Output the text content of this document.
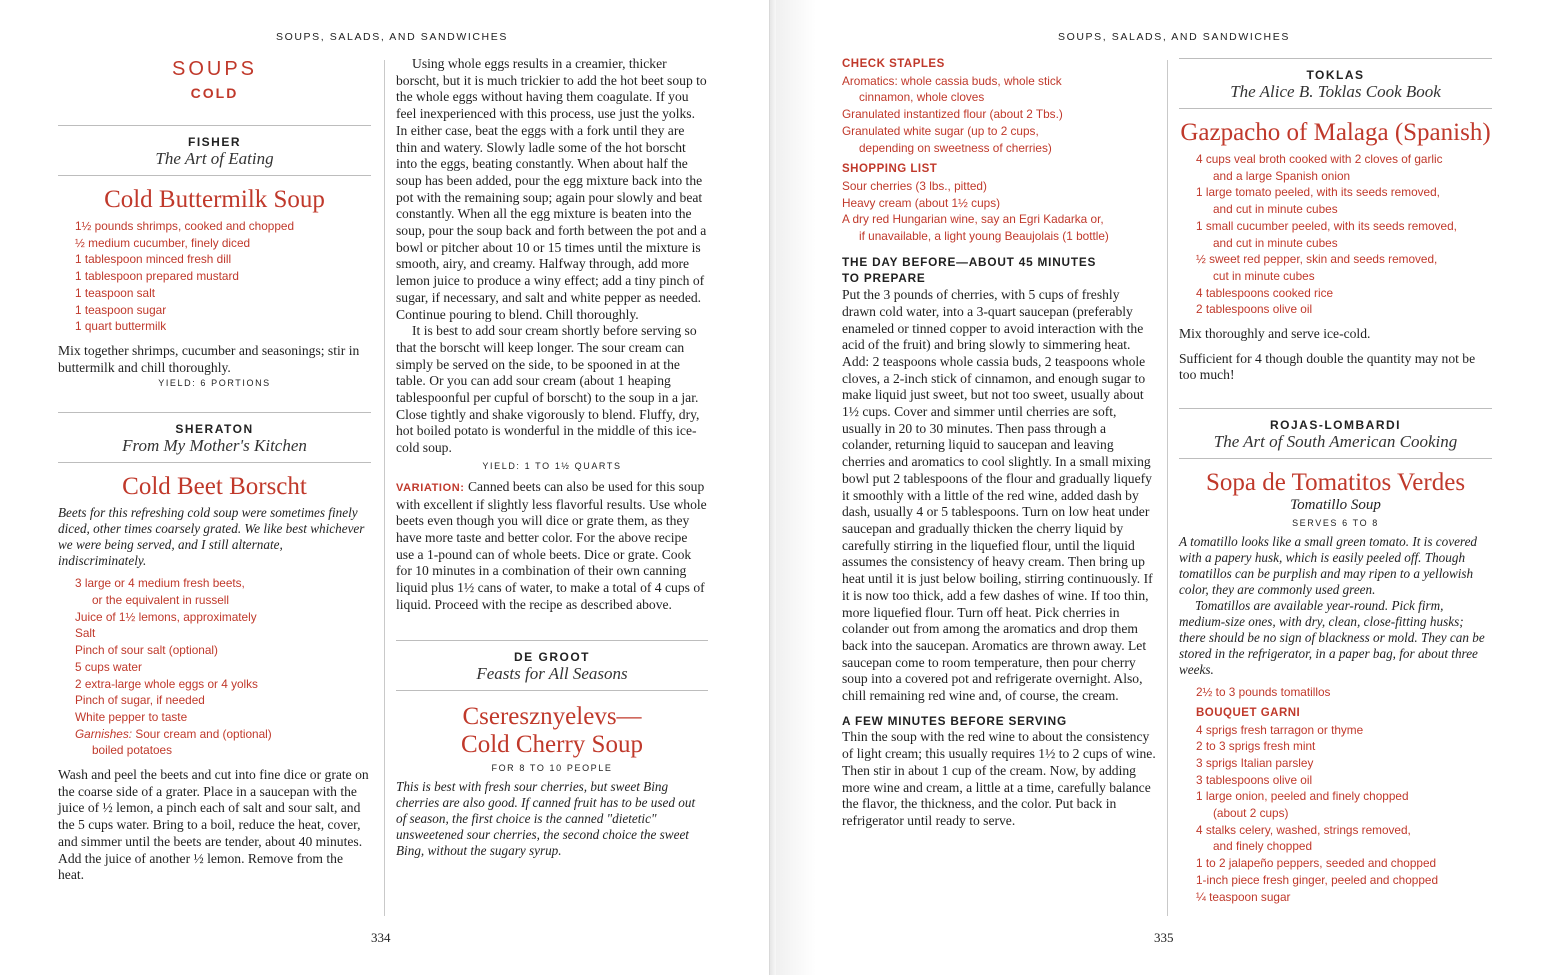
SOUPS, SALADS, AND SANDWICHES
SOUPS
COLD
FISHER
The Art of Eating
Cold Buttermilk Soup
1½ pounds shrimps, cooked and chopped
½ medium cucumber, finely diced
1 tablespoon minced fresh dill
1 tablespoon prepared mustard
1 teaspoon salt
1 teaspoon sugar
1 quart buttermilk
Mix together shrimps, cucumber and seasonings; stir in buttermilk and chill thoroughly.
YIELD: 6 PORTIONS
SHERATON
From My Mother's Kitchen
Cold Beet Borscht
Beets for this refreshing cold soup were sometimes finely diced, other times coarsely grated. We like best whichever we were being served, and I still alternate, indiscriminately.
3 large or 4 medium fresh beets,
or the equivalent in russell
Juice of 1½ lemons, approximately
Salt
Pinch of sour salt (optional)
5 cups water
2 extra-large whole eggs or 4 yolks
Pinch of sugar, if needed
White pepper to taste
Garnishes: Sour cream and (optional)
boiled potatoes
Wash and peel the beets and cut into fine dice or grate on the coarse side of a grater. Place in a saucepan with the juice of ½ lemon, a pinch each of salt and sour salt, and the 5 cups water. Bring to a boil, reduce the heat, cover, and simmer until the beets are tender, about 40 minutes. Add the juice of another ½ lemon. Remove from the heat.
Using whole eggs results in a creamier, thicker borscht, but it is much trickier to add the hot beet soup to the whole eggs without having them coagulate. If you feel inexperienced with this process, use just the yolks. In either case, beat the eggs with a fork until they are thin and watery. Slowly ladle some of the hot borscht into the eggs, beating constantly. When about half the soup has been added, pour the egg mixture back into the pot with the remaining soup; again pour slowly and beat constantly. When all the egg mixture is beaten into the soup, pour the soup back and forth between the pot and a bowl or pitcher about 10 or 15 times until the mixture is smooth, airy, and creamy. Halfway through, add more lemon juice to produce a winy effect; add a tiny pinch of sugar, if necessary, and salt and white pepper as needed. Continue pouring to blend. Chill thoroughly.
It is best to add sour cream shortly before serving so that the borscht will keep longer. The sour cream can simply be served on the side, to be spooned in at the table. Or you can add sour cream (about 1 heaping tablespoonful per cupful of borscht) to the soup in a jar. Close tightly and shake vigorously to blend. Fluffy, dry, hot boiled potato is wonderful in the middle of this ice-cold soup.
YIELD: 1 TO 1½ QUARTS
VARIATION: Canned beets can also be used for this soup with excellent if slightly less flavorful results. Use whole beets even though you will dice or grate them, as they have more taste and better color. For the above recipe use a 1-pound can of whole beets. Dice or grate. Cook for 10 minutes in a combination of their own canning liquid plus 1½ cans of water, to make a total of 4 cups of liquid. Proceed with the recipe as described above.
DE GROOT
Feasts for All Seasons
Cseresznyelevs—
Cold Cherry Soup
FOR 8 TO 10 PEOPLE
This is best with fresh sour cherries, but sweet Bing cherries are also good. If canned fruit has to be used out of season, the first choice is the canned "dietetic" unsweetened sour cherries, the second choice the sweet Bing, without the sugary syrup.
334
SOUPS, SALADS, AND SANDWICHES
CHECK STAPLES
Aromatics: whole cassia buds, whole stick
cinnamon, whole cloves
Granulated instantized flour (about 2 Tbs.)
Granulated white sugar (up to 2 cups,
depending on sweetness of cherries)
SHOPPING LIST
Sour cherries (3 lbs., pitted)
Heavy cream (about 1½ cups)
A dry red Hungarian wine, say an Egri Kadarka or,
if unavailable, a light young Beaujolais (1 bottle)
THE DAY BEFORE—ABOUT 45 MINUTES
TO PREPARE
Put the 3 pounds of cherries, with 5 cups of freshly drawn cold water, into a 3-quart saucepan (preferably enameled or tinned copper to avoid interaction with the acid of the fruit) and bring slowly to simmering heat. Add: 2 teaspoons whole cassia buds, 2 teaspoons whole cloves, a 2-inch stick of cinnamon, and enough sugar to make liquid just sweet, but not too sweet, usually about 1½ cups. Cover and simmer until cherries are soft, usually in 20 to 30 minutes. Then pass through a colander, returning liquid to saucepan and leaving cherries and aromatics to cool slightly. In a small mixing bowl put 2 tablespoons of the flour and gradually liquefy it smoothly with a little of the red wine, added dash by dash, usually 4 or 5 tablespoons. Turn on low heat under saucepan and gradually thicken the cherry liquid by carefully stirring in the liquefied flour, until the liquid assumes the consistency of heavy cream. Then bring up heat until it is just below boiling, stirring continuously. If it is now too thick, add a few dashes of wine. If too thin, more liquefied flour. Turn off heat. Pick cherries in colander out from among the aromatics and drop them back into the saucepan. Aromatics are thrown away. Let saucepan come to room temperature, then pour cherry soup into a covered pot and refrigerate overnight. Also, chill remaining red wine and, of course, the cream.
A FEW MINUTES BEFORE SERVING
Thin the soup with the red wine to about the consistency of light cream; this usually requires 1½ to 2 cups of wine. Then stir in about 1 cup of the cream. Now, by adding more wine and cream, a little at a time, carefully balance the flavor, the thickness, and the color. Put back in refrigerator until ready to serve.
TOKLAS
The Alice B. Toklas Cook Book
Gazpacho of Malaga (Spanish)
4 cups veal broth cooked with 2 cloves of garlic
and a large Spanish onion
1 large tomato peeled, with its seeds removed,
and cut in minute cubes
1 small cucumber peeled, with its seeds removed,
and cut in minute cubes
½ sweet red pepper, skin and seeds removed,
cut in minute cubes
4 tablespoons cooked rice
2 tablespoons olive oil
Mix thoroughly and serve ice-cold.
Sufficient for 4 though double the quantity may not be too much!
ROJAS-LOMBARDI
The Art of South American Cooking
Sopa de Tomatitos Verdes
Tomatillo Soup
SERVES 6 TO 8
A tomatillo looks like a small green tomato. It is covered with a papery husk, which is easily peeled off. Though tomatillos can be purplish and may ripen to a yellowish color, they are commonly used green.
Tomatillos are available year-round. Pick firm, medium-size ones, with dry, clean, close-fitting husks; there should be no sign of blackness or mold. They can be stored in the refrigerator, in a paper bag, for about three weeks.
2½ to 3 pounds tomatillos
BOUQUET GARNI
4 sprigs fresh tarragon or thyme
2 to 3 sprigs fresh mint
3 sprigs Italian parsley
3 tablespoons olive oil
1 large onion, peeled and finely chopped
(about 2 cups)
4 stalks celery, washed, strings removed,
and finely chopped
1 to 2 jalapeño peppers, seeded and chopped
1-inch piece fresh ginger, peeled and chopped
¼ teaspoon sugar
335
